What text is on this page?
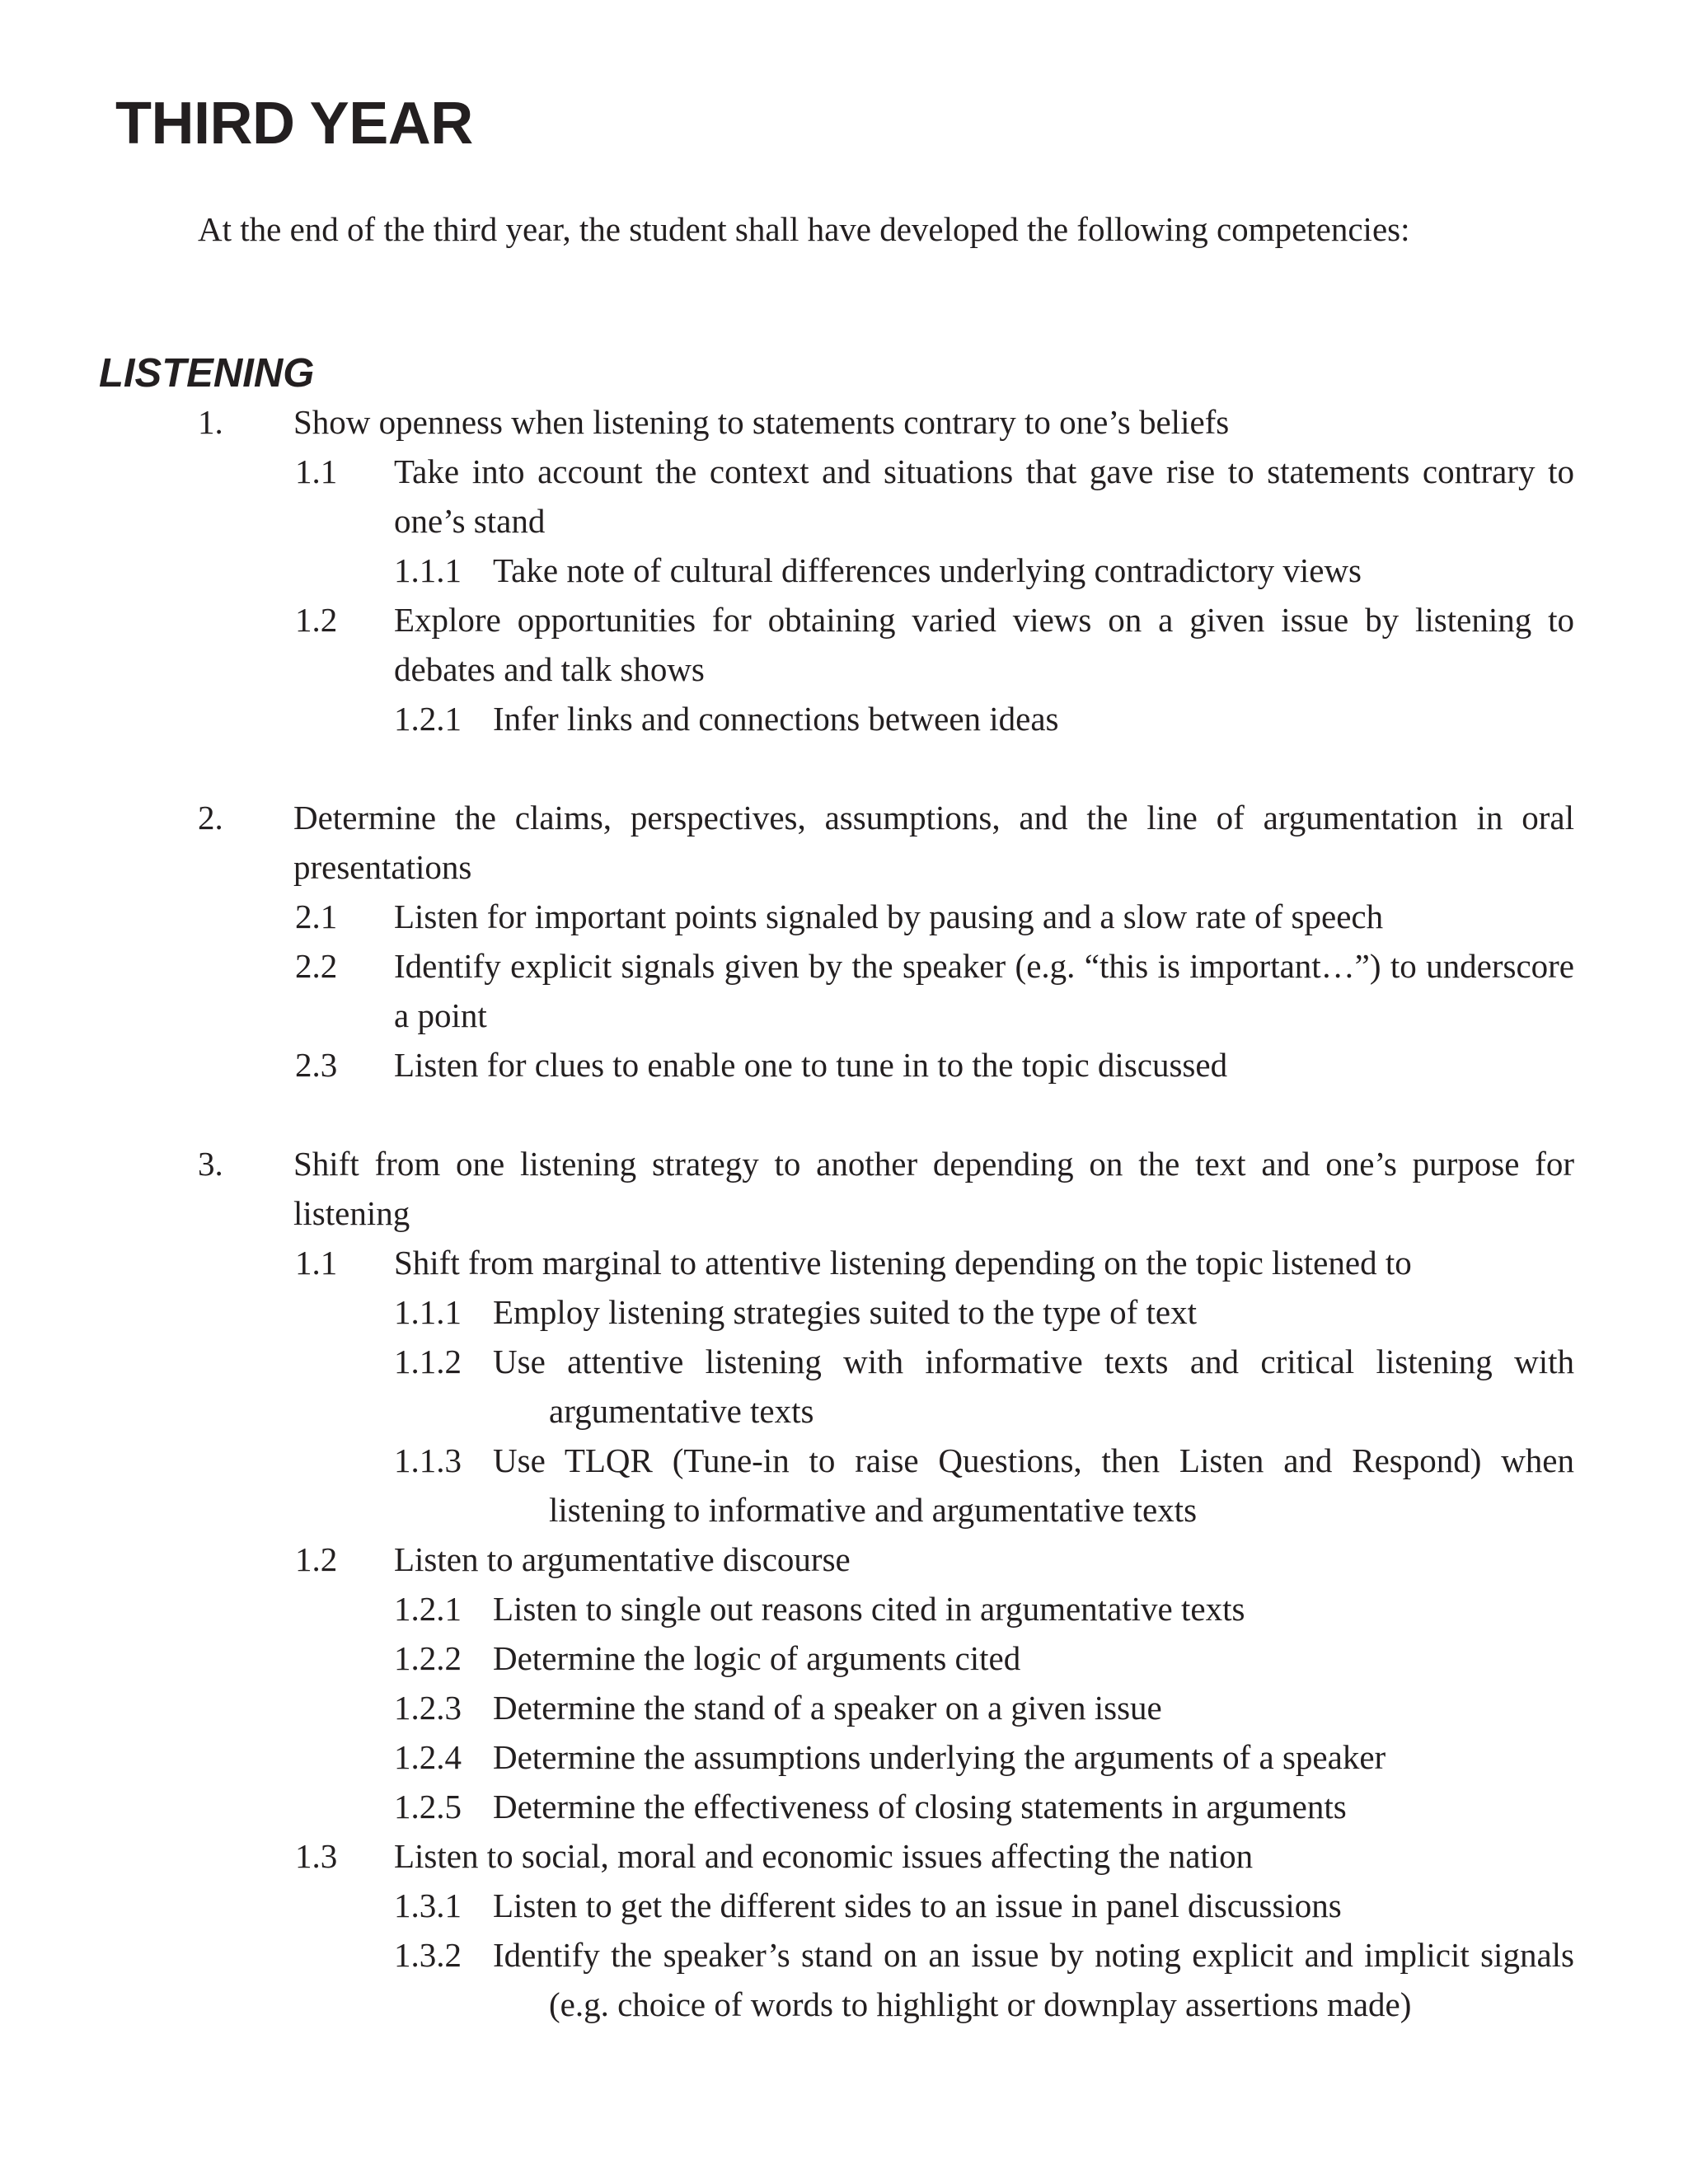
THIRD YEAR

At the end of the third year, the student shall have developed the following competencies:

LISTENING
1. Show openness when listening to statements contrary to one’s beliefs
1.1 Take into account the context and situations that gave rise to statements contrary to one’s stand
1.1.1 Take note of cultural differences underlying contradictory views
1.2 Explore opportunities for obtaining varied views on a given issue by listening to debates and talk shows
1.2.1 Infer links and connections between ideas
2. Determine the claims, perspectives, assumptions, and the line of argumentation in oral presentations
2.1 Listen for important points signaled by pausing and a slow rate of speech
2.2 Identify explicit signals given by the speaker (e.g. “this is important…”) to underscore a point
2.3 Listen for clues to enable one to tune in to the topic discussed
3. Shift from one listening strategy to another depending on the text and one’s purpose for listening
1.1 Shift from marginal to attentive listening depending on the topic listened to
1.1.1 Employ listening strategies suited to the type of text
1.1.2 Use attentive listening with informative texts and critical listening with argumentative texts
1.1.3 Use TLQR (Tune-in to raise Questions, then Listen and Respond) when listening to informative and argumentative texts
1.2 Listen to argumentative discourse
1.2.1 Listen to single out reasons cited in argumentative texts
1.2.2 Determine the logic of arguments cited
1.2.3 Determine the stand of a speaker on a given issue
1.2.4 Determine the assumptions underlying the arguments of a speaker
1.2.5 Determine the effectiveness of closing statements in arguments
1.3 Listen to social, moral and economic issues affecting the nation
1.3.1 Listen to get the different sides to an issue in panel discussions
1.3.2 Identify the speaker’s stand on an issue by noting explicit and implicit signals (e.g. choice of words to highlight or downplay assertions made)
